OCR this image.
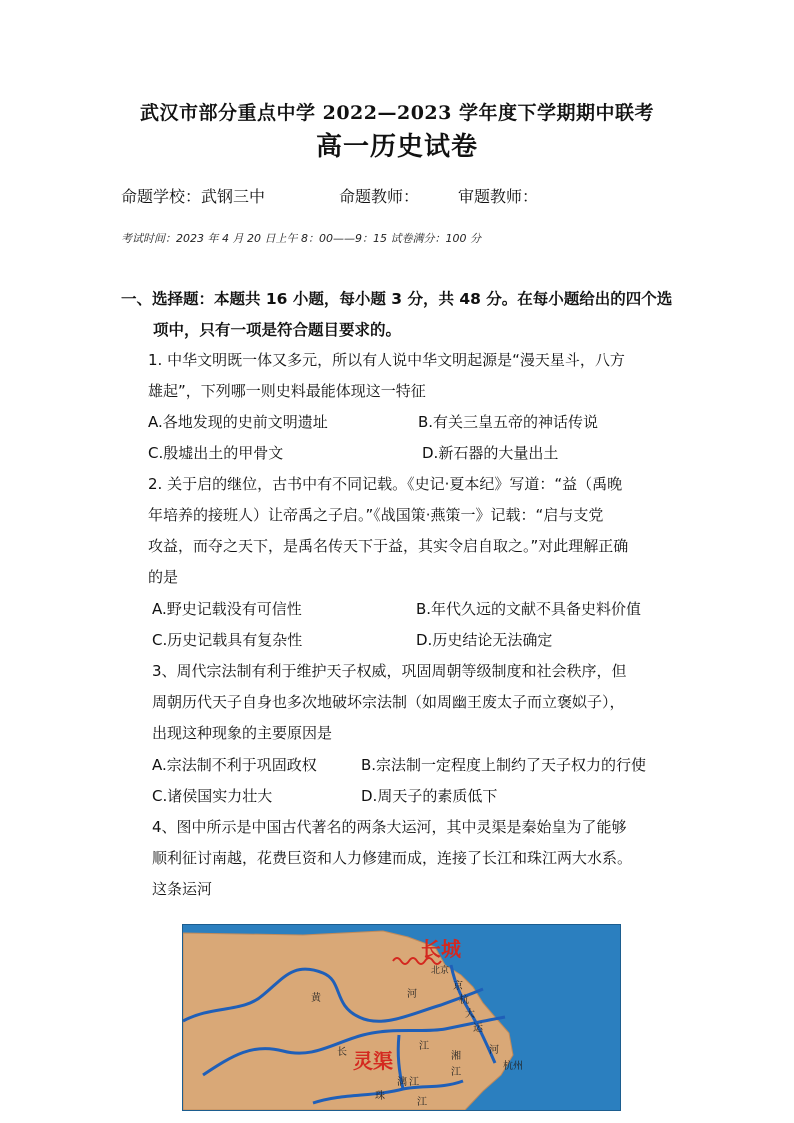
武汉市部分重点中学 2022—2023 学年度下学期期中联考
高一历史试卷
命题学校：武钢三中	命题教师： 审题教师：
考试时间：2023 年 4 月 20 日上午 8：00——9：15 试卷满分：100 分
一、选择题：本题共 16 小题，每小题 3 分，共 48 分。在每小题给出的四个选
项中，只有一项是符合题目要求的。
1. 中华文明既一体又多元，所以有人说中华文明起源是“漫天星斗，八方
雄起”，下列哪一则史料最能体现这一特征
A.各地发现的史前文明遗址	B.有关三皇五帝的神话传说
C.殷墟出土的甲骨文	D.新石器的大量出土
2. 关于启的继位，古书中有不同记载。《史记·夏本纪》写道：“益（禹晚
年培养的接班人）让帝禹之子启。”《战国策·燕策一》记载：“启与支党
攻益，而夺之天下，是禹名传天下于益，其实令启自取之。”对此理解正确
的是
A.野史记载没有可信性	B.年代久远的文献不具备史料价值
C.历史记载具有复杂性	D.历史结论无法确定
3、周代宗法制有利于维护天子权威，巩固周朝等级制度和社会秩序，但
周朝历代天子自身也多次地破坏宗法制（如周幽王废太子而立褒姒子），
出现这种现象的主要原因是
A.宗法制不利于巩固政权	B.宗法制一定程度上制约了天子权力的行使
C.诸侯国实力壮大	D.周天子的素质低下
4、图中所示是中国古代著名的两条大运河，其中灵渠是秦始皇为了能够
顺利征讨南越，花费巨资和人力修建而成，连接了长江和珠江两大水系。
这条运河
长城
灵渠
北京
黄	河
京
杭
大
运
河
杭州
长
江
湘
江
漓 江
珠
江
